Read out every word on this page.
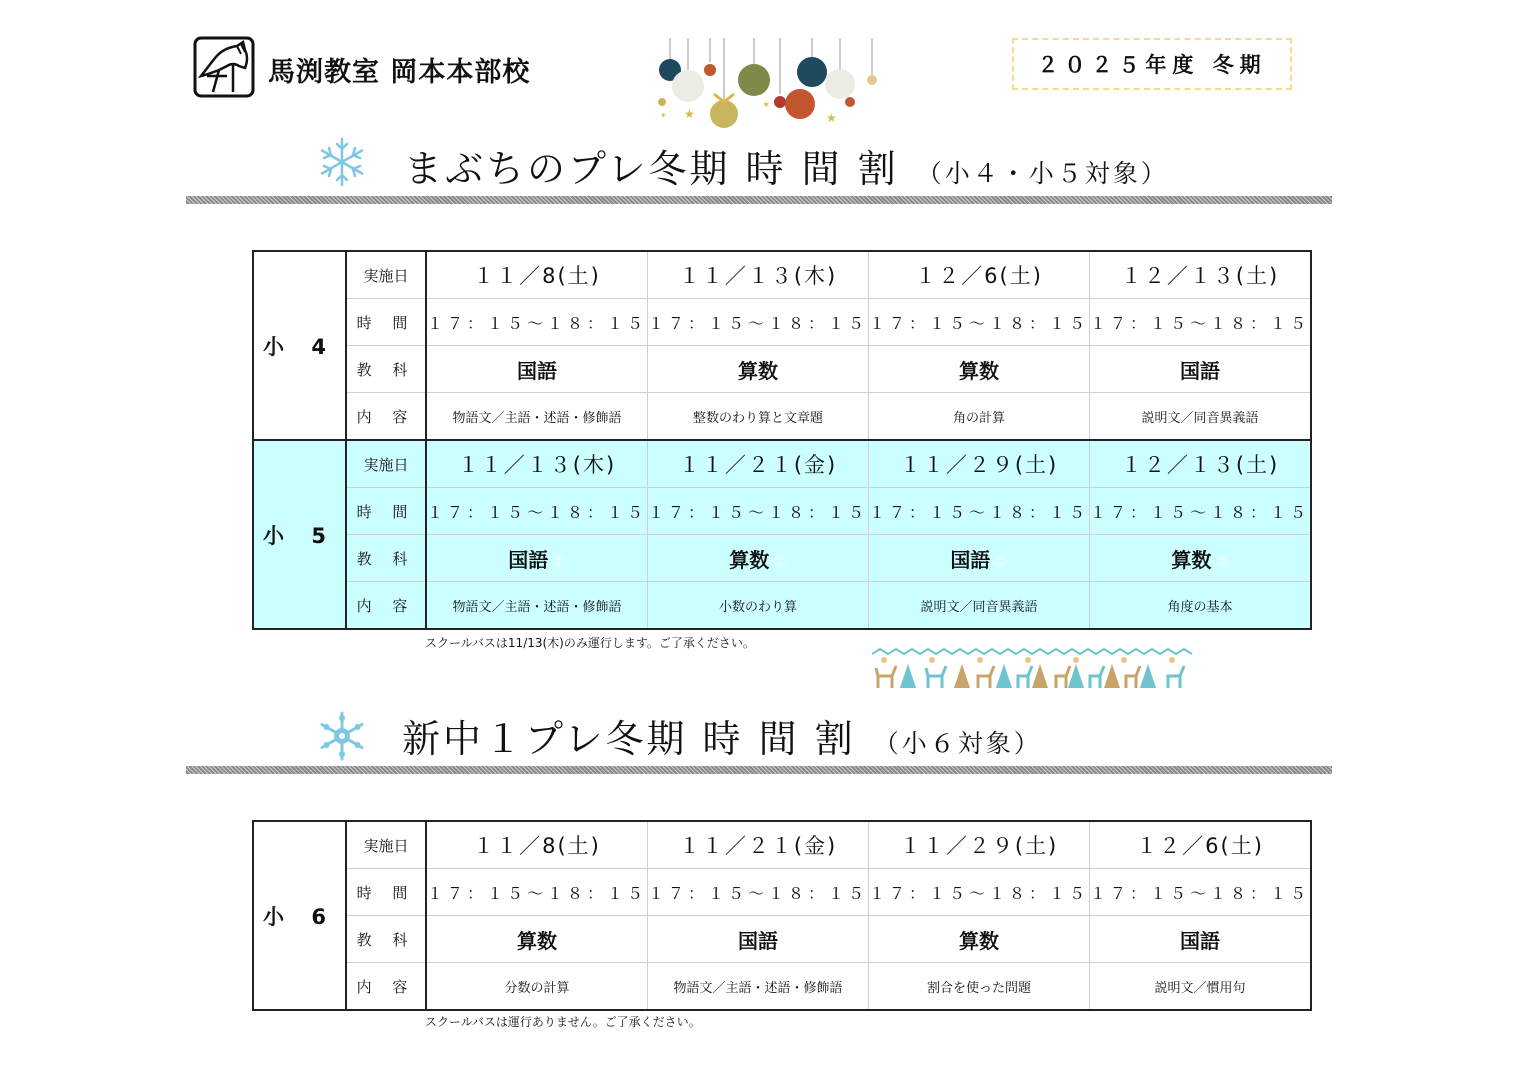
馬渕教室 岡本本部校
★
✶
★
✶
２０２５年度 冬期
まぶちのプレ冬期 時 間 割 （小４・小５対象）
小 4	実施日	１１／8(土)	１１／１３(木)	１２／6(土)	１２／１３(土)
	時 間	１７：１５〜１８：１５	１７：１５〜１８：１５	１７：１５〜１８：１５	１７：１５〜１８：１５
	教 科	国語	算数	算数	国語
	内 容	物語文／主語・述語・修飾語	整数のわり算と文章題	角の計算	説明文／同音異義語
小 5	実施日	１１／１３(木)	１１／２１(金)	１１／２９(土)	１２／１３(土)
	時 間	１７：１５〜１８：１５	１７：１５〜１８：１５	１７：１５〜１８：１５	１７：１５〜１８：１５
	教 科	国語 ①	算数 ①	国語 ②	算数 ②
	内 容	物語文／主語・述語・修飾語	小数のわり算	説明文／同音異義語	角度の基本
スクールバスは11/13(木)のみ運行します。ご了承ください。
新中１プレ冬期 時 間 割 （小６対象）
小 6	実施日	１１／8(土)	１１／２１(金)	１１／２９(土)	１２／6(土)
	時 間	１７：１５〜１８：１５	１７：１５〜１８：１５	１７：１５〜１８：１５	１７：１５〜１８：１５
	教 科	算数	国語	算数	国語
	内 容	分数の計算	物語文／主語・述語・修飾語	割合を使った問題	説明文／慣用句
スクールバスは運行ありません。ご了承ください。
